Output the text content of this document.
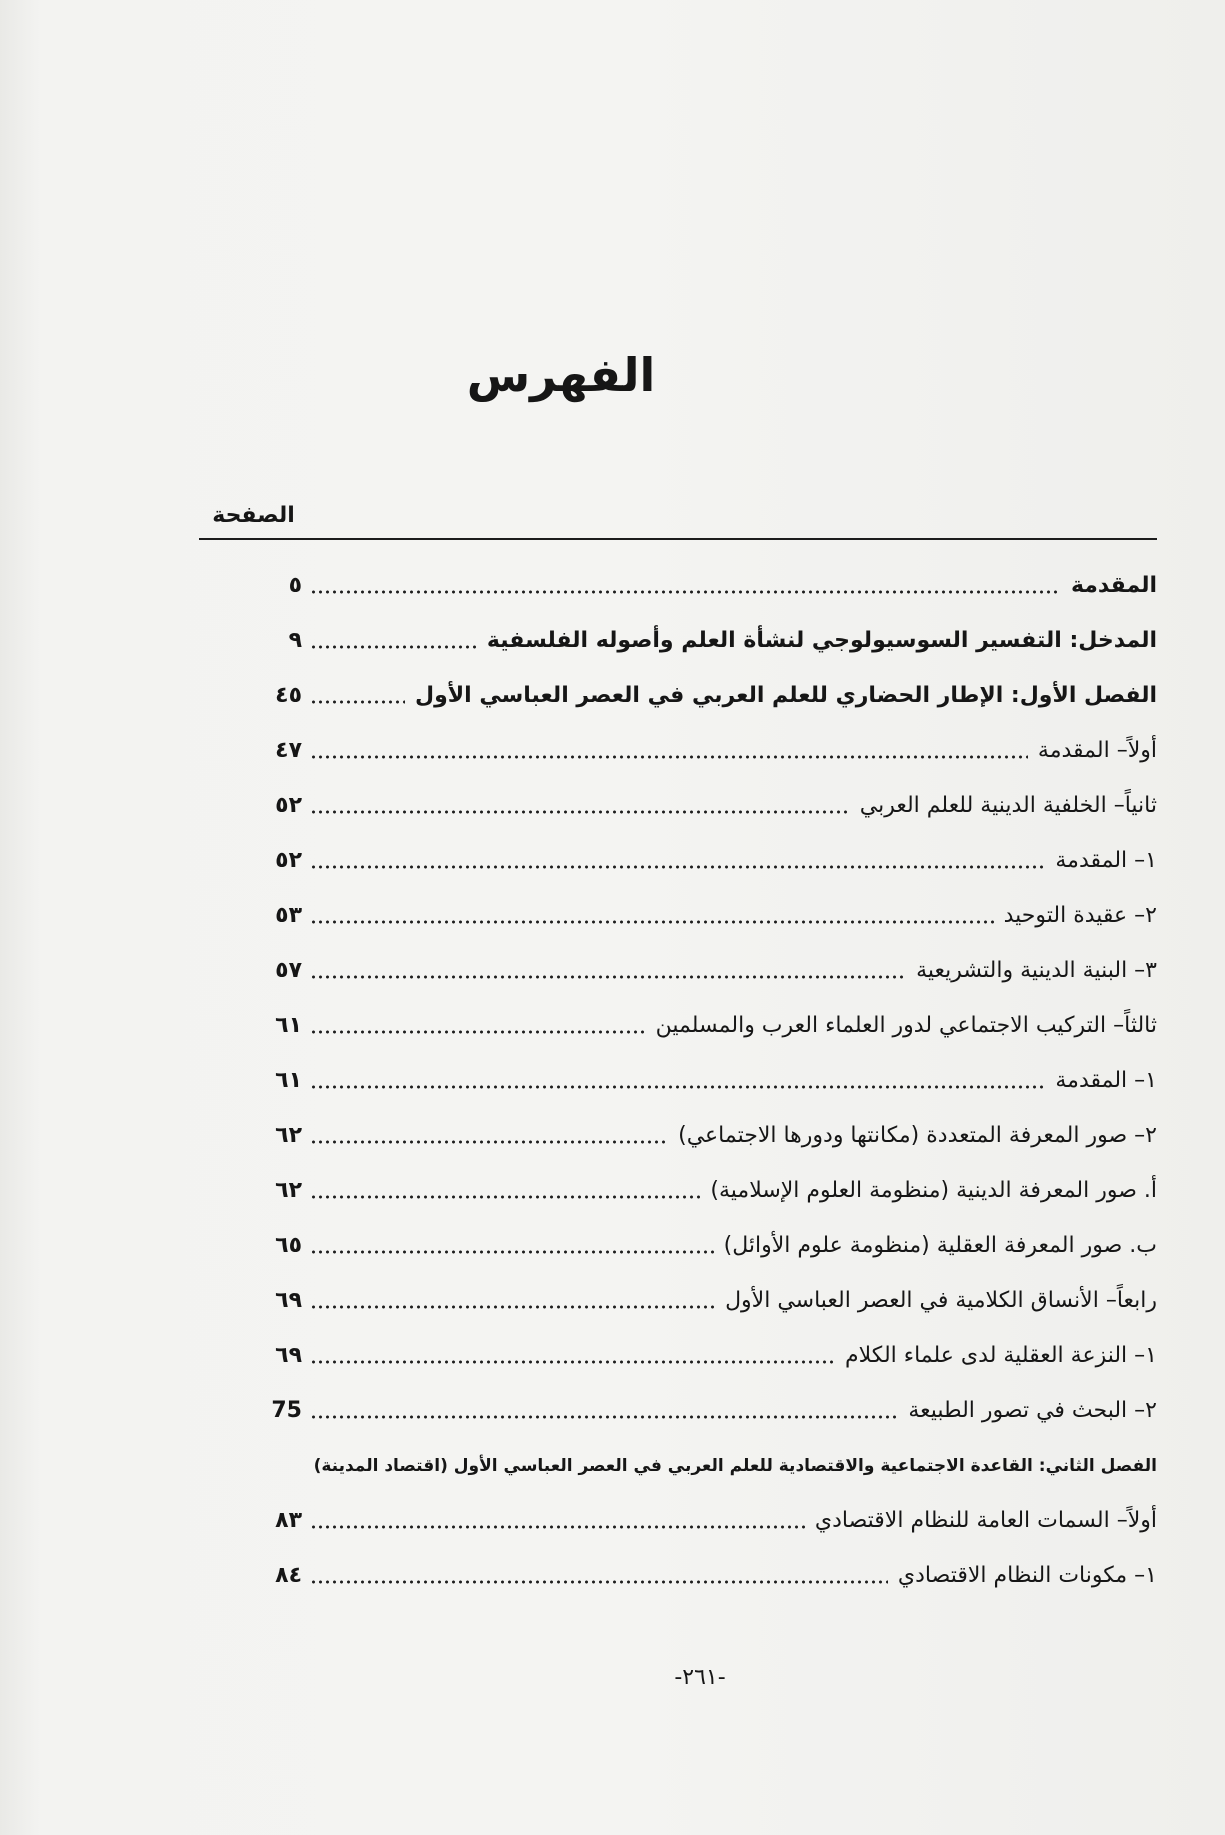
الفهرس
الصفحة
المقدمة
٥
المدخل: التفسير السوسيولوجي لنشأة العلم وأصوله الفلسفية
٩
الفصل الأول: الإطار الحضاري للعلم العربي في العصر العباسي الأول
٤٥
أولاً– المقدمة
٤٧
ثانياً– الخلفية الدينية للعلم العربي
٥٢
١– المقدمة
٥٢
٢– عقيدة التوحيد
٥٣
٣– البنية الدينية والتشريعية
٥٧
ثالثاً– التركيب الاجتماعي لدور العلماء العرب والمسلمين
٦١
١– المقدمة
٦١
٢– صور المعرفة المتعددة (مكانتها ودورها الاجتماعي)
٦٢
أ. صور المعرفة الدينية (منظومة العلوم الإسلامية)
٦٢
ب. صور المعرفة العقلية (منظومة علوم الأوائل)
٦٥
رابعاً– الأنساق الكلامية في العصر العباسي الأول
٦٩
١– النزعة العقلية لدى علماء الكلام
٦٩
٢– البحث في تصور الطبيعة
75
الفصل الثاني: القاعدة الاجتماعية والاقتصادية للعلم العربي في العصر العباسي الأول (اقتصاد المدينة)
أولاً– السمات العامة للنظام الاقتصادي
٨٣
١– مكونات النظام الاقتصادي
٨٤
-٢٦١-
